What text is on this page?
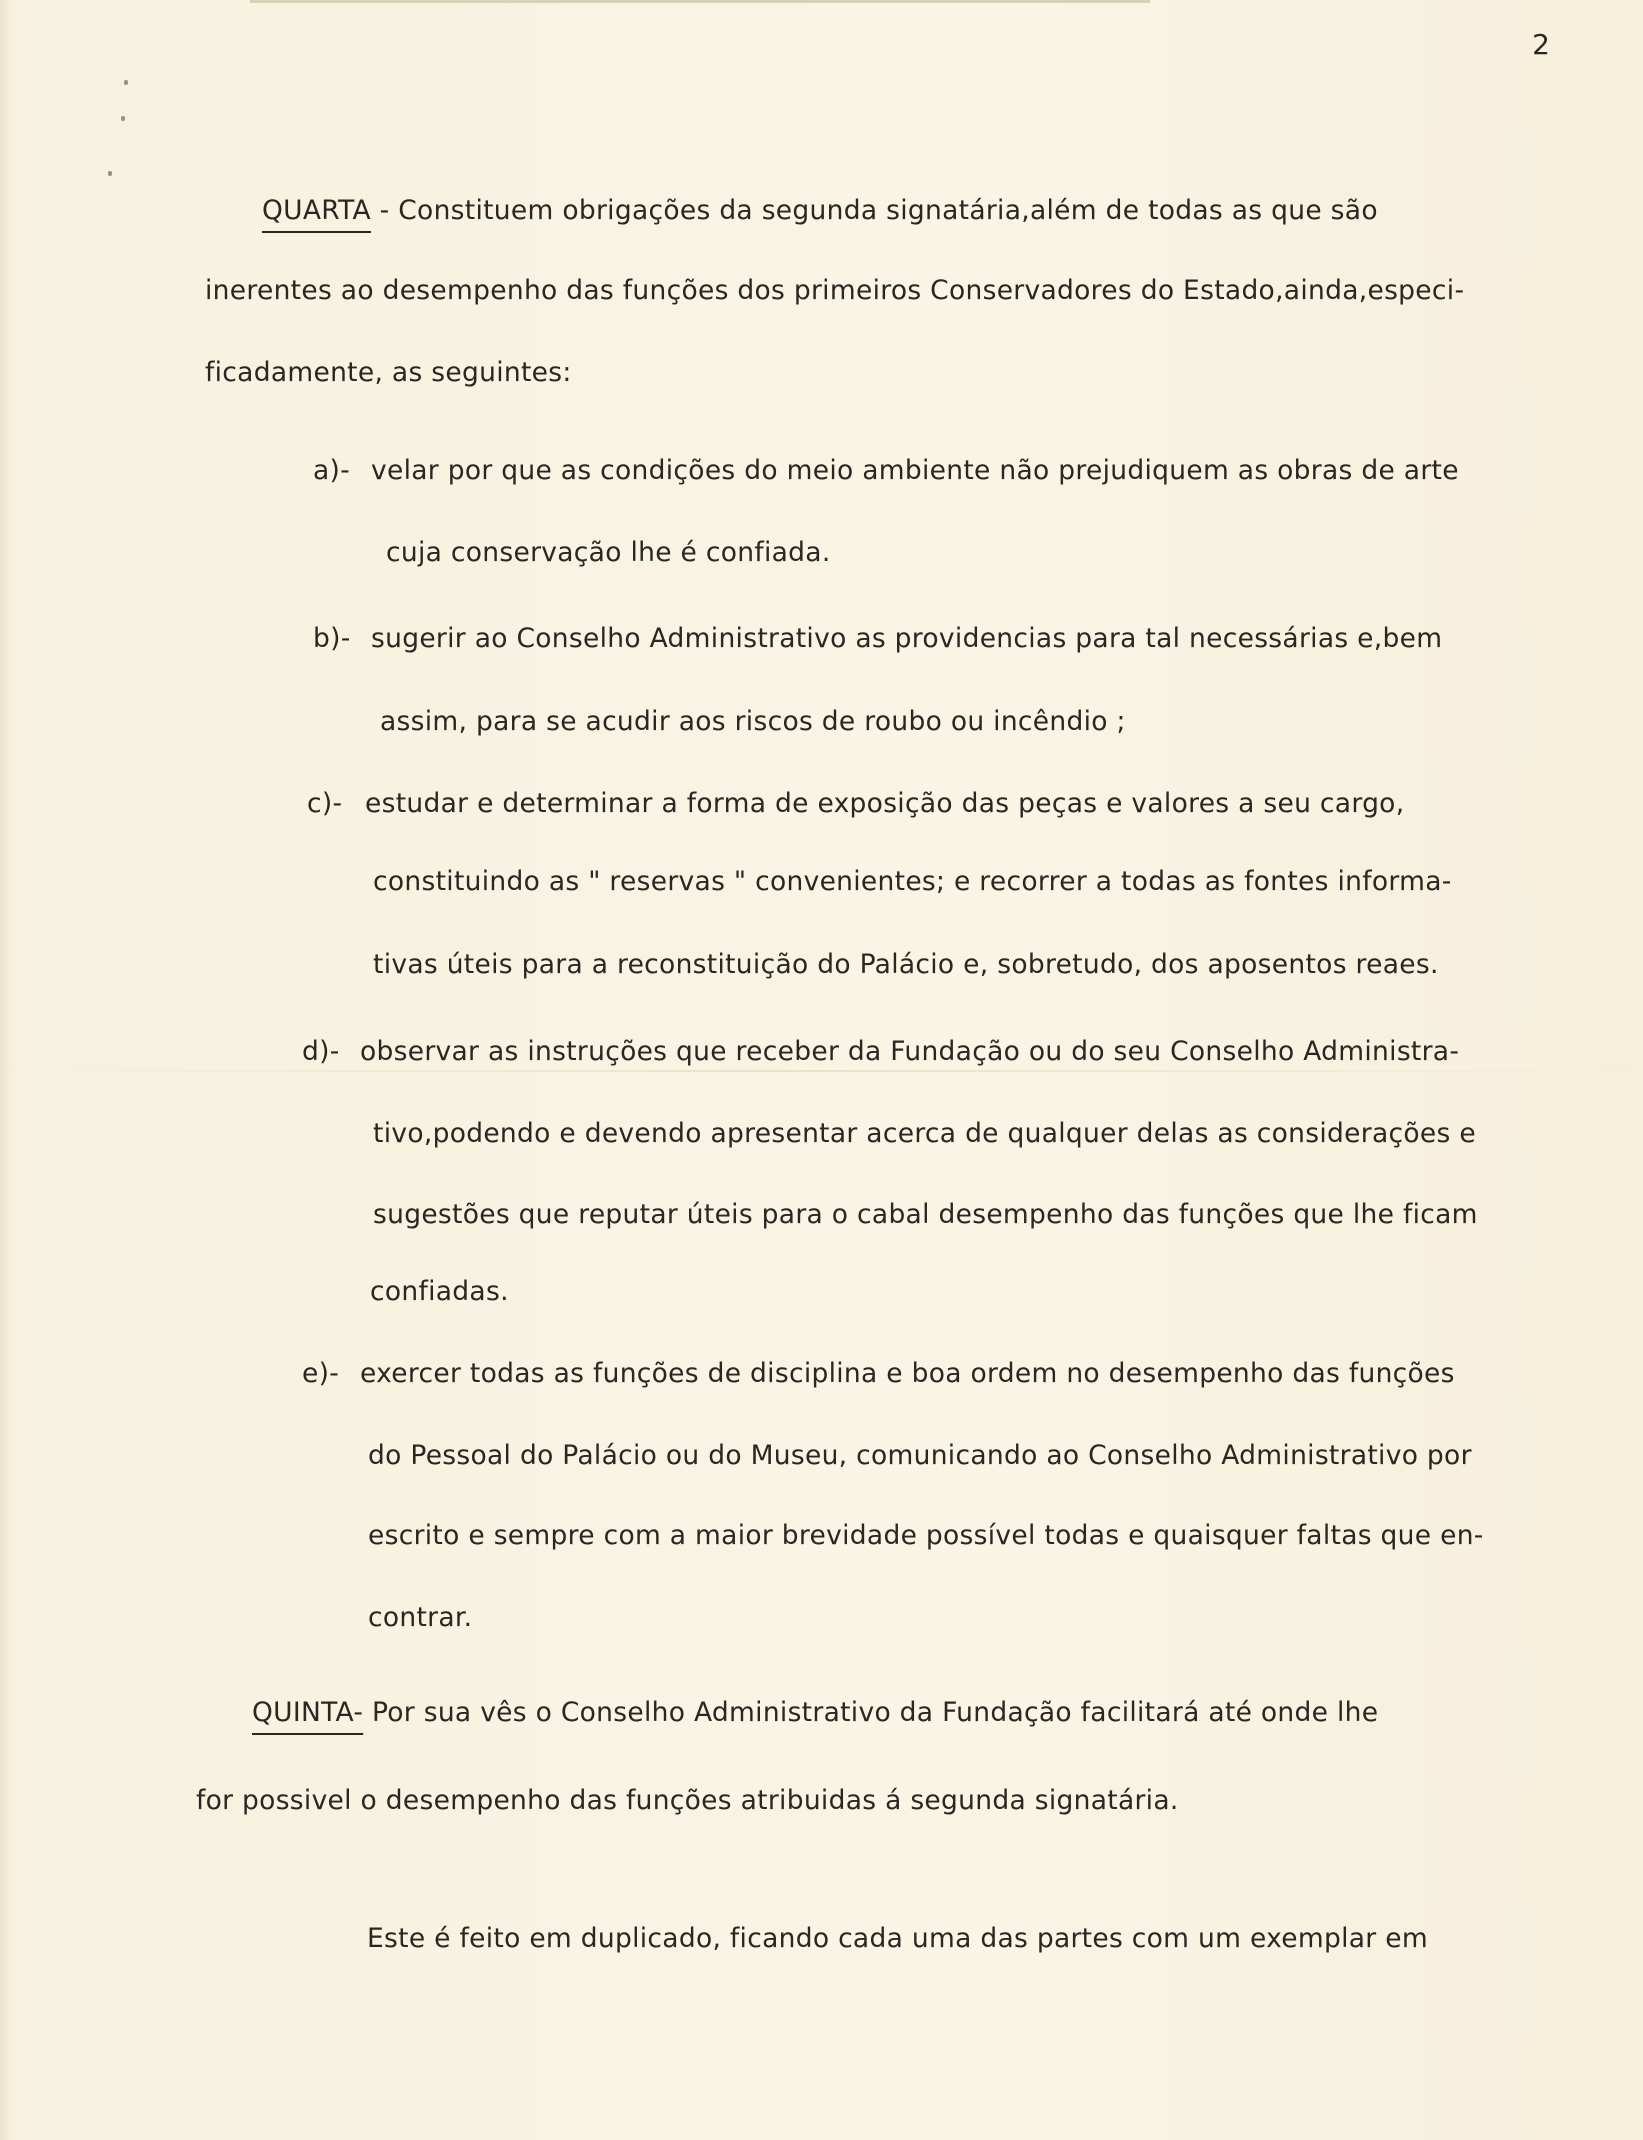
2
QUARTA - Constituem obrigações da segunda signatária,além de todas as que são
inerentes ao desempenho das funções dos primeiros Conservadores do Estado,ainda,especi-
ficadamente, as seguintes:
a)- velar por que as condições do meio ambiente não prejudiquem as obras de arte
cuja conservação lhe é confiada.
b)- sugerir ao Conselho Administrativo as providencias para tal necessárias e,bem
assim, para se acudir aos riscos de roubo ou incêndio ;
c)- estudar e determinar a forma de exposição das peças e valores a seu cargo,
constituindo as " reservas " convenientes; e recorrer a todas as fontes informa-
tivas úteis para a reconstituição do Palácio e, sobretudo, dos aposentos reaes.
d)- observar as instruções que receber da Fundação ou do seu Conselho Administra-
tivo,podendo e devendo apresentar acerca de qualquer delas as considerações e
sugestões que reputar úteis para o cabal desempenho das funções que lhe ficam
confiadas.
e)- exercer todas as funções de disciplina e boa ordem no desempenho das funções
do Pessoal do Palácio ou do Museu, comunicando ao Conselho Administrativo por
escrito e sempre com a maior brevidade possível todas e quaisquer faltas que en-
contrar.
QUINTA- Por sua vês o Conselho Administrativo da Fundação facilitará até onde lhe
for possivel o desempenho das funções atribuidas á segunda signatária.
Este é feito em duplicado, ficando cada uma das partes com um exemplar em
